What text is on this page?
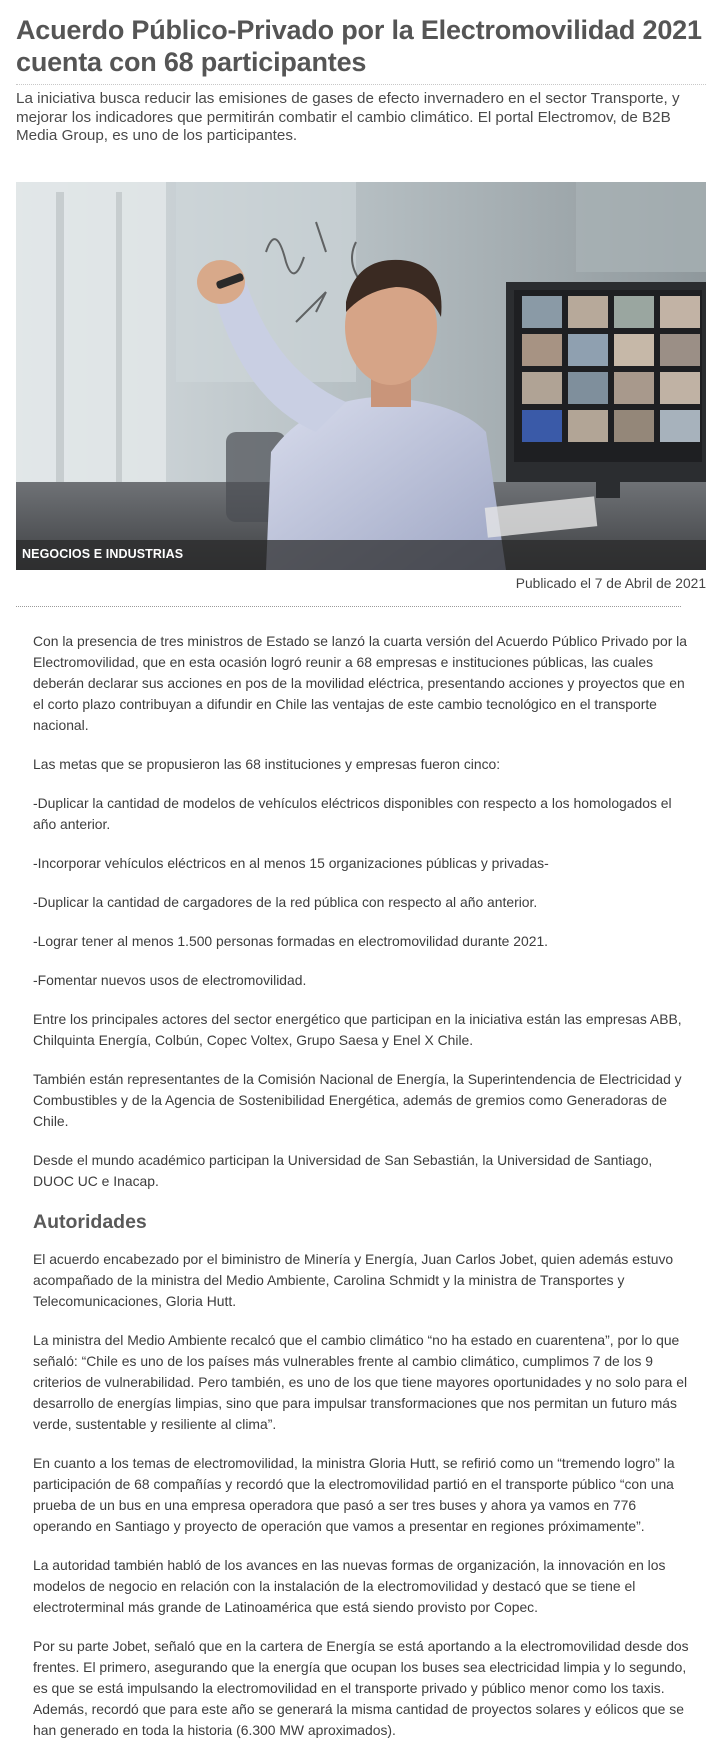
Acuerdo Público-Privado por la Electromovilidad 2021 cuenta con 68 participantes

La iniciativa busca reducir las emisiones de gases de efecto invernadero en el sector Transporte, y mejorar los indicadores que permitirán combatir el cambio climático. El portal Electromov, de B2B Media Group, es uno de los participantes.

NEGOCIOS E INDUSTRIAS
Publicado el 7 de Abril de 2021

Con la presencia de tres ministros de Estado se lanzó la cuarta versión del Acuerdo Público Privado por la Electromovilidad, que en esta ocasión logró reunir a 68 empresas e instituciones públicas, las cuales deberán declarar sus acciones en pos de la movilidad eléctrica, presentando acciones y proyectos que en el corto plazo contribuyan a difundir en Chile las ventajas de este cambio tecnológico en el transporte nacional.

Las metas que se propusieron las 68 instituciones y empresas fueron cinco:

-Duplicar la cantidad de modelos de vehículos eléctricos disponibles con respecto a los homologados el año anterior.

-Incorporar vehículos eléctricos en al menos 15 organizaciones públicas y privadas-

-Duplicar la cantidad de cargadores de la red pública con respecto al año anterior.

-Lograr tener al menos 1.500 personas formadas en electromovilidad durante 2021.

-Fomentar nuevos usos de electromovilidad.

Entre los principales actores del sector energético que participan en la iniciativa están las empresas ABB, Chilquinta Energía, Colbún, Copec Voltex, Grupo Saesa y Enel X Chile.

También están representantes de la Comisión Nacional de Energía, la Superintendencia de Electricidad y Combustibles y de la Agencia de Sostenibilidad Energética, además de gremios como Generadoras de Chile.

Desde el mundo académico participan la Universidad de San Sebastián, la Universidad de Santiago, DUOC UC e Inacap.

Autoridades

El acuerdo encabezado por el biministro de Minería y Energía, Juan Carlos Jobet, quien además estuvo acompañado de la ministra del Medio Ambiente, Carolina Schmidt y la ministra de Transportes y Telecomunicaciones, Gloria Hutt.

La ministra del Medio Ambiente recalcó que el cambio climático “no ha estado en cuarentena”, por lo que señaló: “Chile es uno de los países más vulnerables frente al cambio climático, cumplimos 7 de los 9 criterios de vulnerabilidad. Pero también, es uno de los que tiene mayores oportunidades y no solo para el desarrollo de energías limpias, sino que para impulsar transformaciones que nos permitan un futuro más verde, sustentable y resiliente al clima”.

En cuanto a los temas de electromovilidad, la ministra Gloria Hutt, se refirió como un “tremendo logro” la participación de 68 compañías y recordó que la electromovilidad partió en el transporte público “con una prueba de un bus en una empresa operadora que pasó a ser tres buses y ahora ya vamos en 776 operando en Santiago y proyecto de operación que vamos a presentar en regiones próximamente”.

La autoridad también habló de los avances en las nuevas formas de organización, la innovación en los modelos de negocio en relación con la instalación de la electromovilidad y destacó que se tiene el electroterminal más grande de Latinoamérica que está siendo provisto por Copec.

Por su parte Jobet, señaló que en la cartera de Energía se está aportando a la electromovilidad desde dos frentes. El primero, asegurando que la energía que ocupan los buses sea electricidad limpia y lo segundo, es que se está impulsando la electromovilidad en el transporte privado y público menor como los taxis. Además, recordó que para este año se generará la misma cantidad de proyectos solares y eólicos que se han generado en toda la historia (6.300 MW aproximados).
